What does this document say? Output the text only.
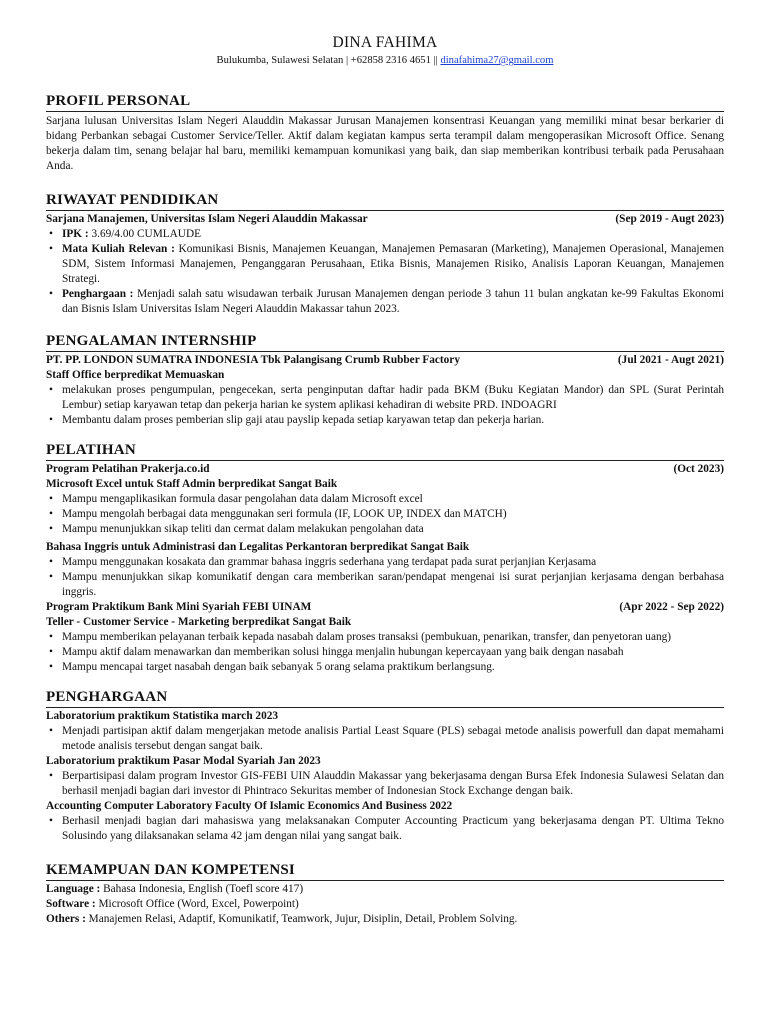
DINA FAHIMA

Bulukumba, Sulawesi Selatan | +62858 2316 4651 || dinafahima27@gmail.com

PROFIL PERSONAL

Sarjana lulusan Universitas Islam Negeri Alauddin Makassar Jurusan Manajemen konsentrasi Keuangan yang memiliki minat besar berkarier di bidang Perbankan sebagai Customer Service/Teller. Aktif dalam kegiatan kampus serta terampil dalam mengoperasikan Microsoft Office. Senang bekerja dalam tim, senang belajar hal baru, memiliki kemampuan komunikasi yang baik, dan siap memberikan kontribusi terbaik pada Perusahaan Anda.

RIWAYAT PENDIDIKAN

Sarjana Manajemen, Universitas Islam Negeri Alauddin Makassar	(Sep 2019 - Augt 2023)
• IPK : 3.69/4.00 CUMLAUDE
• Mata Kuliah Relevan : Komunikasi Bisnis, Manajemen Keuangan, Manajemen Pemasaran (Marketing), Manajemen Operasional, Manajemen SDM, Sistem Informasi Manajemen, Penganggaran Perusahaan, Etika Bisnis, Manajemen Risiko, Analisis Laporan Keuangan, Manajemen Strategi.
• Penghargaan : Menjadi salah satu wisudawan terbaik Jurusan Manajemen dengan periode 3 tahun 11 bulan angkatan ke-99 Fakultas Ekonomi dan Bisnis Islam Universitas Islam Negeri Alauddin Makassar tahun 2023.

PENGALAMAN INTERNSHIP

PT. PP. LONDON SUMATRA INDONESIA Tbk Palangisang Crumb Rubber Factory	(Jul 2021 - Augt 2021)

Staff Office berpredikat Memuaskan

• melakukan proses pengumpulan, pengecekan, serta penginputan daftar hadir pada BKM (Buku Kegiatan Mandor) dan SPL (Surat Perintah Lembur) setiap karyawan tetap dan pekerja harian ke system aplikasi kehadiran di website PRD. INDOAGRI
• Membantu dalam proses pemberian slip gaji atau payslip kepada setiap karyawan tetap dan pekerja harian.

PELATIHAN

Program Pelatihan Prakerja.co.id	(Oct 2023)

Microsoft Excel untuk Staff Admin berpredikat Sangat Baik

• Mampu mengaplikasikan formula dasar pengolahan data dalam Microsoft excel
• Mampu mengolah berbagai data menggunakan seri formula (IF, LOOK UP, INDEX dan MATCH)
• Mampu menunjukkan sikap teliti dan cermat dalam melakukan pengolahan data

Bahasa Inggris untuk Administrasi dan Legalitas Perkantoran berpredikat Sangat Baik

• Mampu menggunakan kosakata dan grammar bahasa inggris sederhana yang terdapat pada surat perjanjian Kerjasama
• Mampu menunjukkan sikap komunikatif dengan cara memberikan saran/pendapat mengenai isi surat perjanjian kerjasama dengan berbahasa inggris.
Program Praktikum Bank Mini Syariah FEBI UINAM	(Apr 2022 - Sep 2022)

Teller - Customer Service - Marketing berpredikat Sangat Baik

• Mampu memberikan pelayanan terbaik kepada nasabah dalam proses transaksi (pembukuan, penarikan, transfer, dan penyetoran uang)
• Mampu aktif dalam menawarkan dan memberikan solusi hingga menjalin hubungan kepercayaan yang baik dengan nasabah
• Mampu mencapai target nasabah dengan baik sebanyak 5 orang selama praktikum berlangsung.

PENGHARGAAN

Laboratorium praktikum Statistika march 2023

• Menjadi partisipan aktif dalam mengerjakan metode analisis Partial Least Square (PLS) sebagai metode analisis powerfull dan dapat memahami metode analisis tersebut dengan sangat baik.

Laboratorium praktikum Pasar Modal Syariah Jan 2023

• Berpartisipasi dalam program Investor GIS-FEBI UIN Alauddin Makassar yang bekerjasama dengan Bursa Efek Indonesia Sulawesi Selatan dan berhasil menjadi bagian dari investor di Phintraco Sekuritas member of Indonesian Stock Exchange dengan baik.

Accounting Computer Laboratory Faculty Of Islamic Economics And Business 2022

• Berhasil menjadi bagian dari mahasiswa yang melaksanakan Computer Accounting Practicum yang bekerjasama dengan PT. Ultima Tekno Solusindo yang dilaksanakan selama 42 jam dengan nilai yang sangat baik.

KEMAMPUAN DAN KOMPETENSI

Language : Bahasa Indonesia, English (Toefl score 417)

Software : Microsoft Office (Word, Excel, Powerpoint)

Others : Manajemen Relasi, Adaptif, Komunikatif, Teamwork, Jujur, Disiplin, Detail, Problem Solving.
